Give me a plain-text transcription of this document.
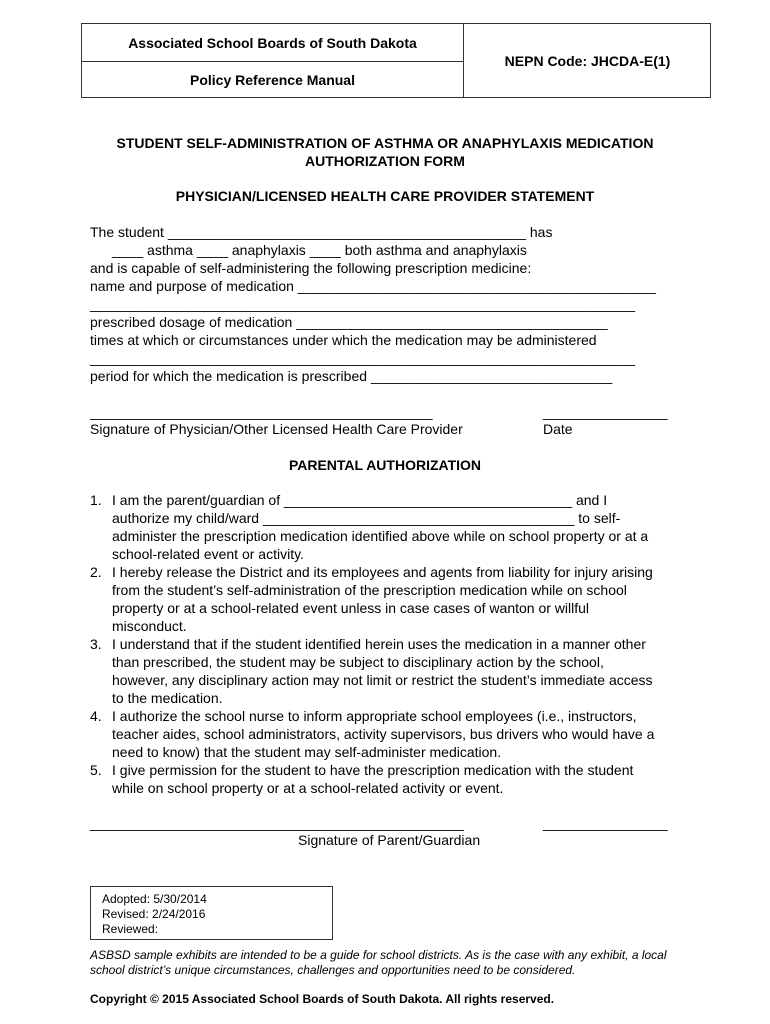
Associated School Boards of South Dakota
Policy Reference Manual
NEPN Code: JHCDA-E(1)
STUDENT SELF-ADMINISTRATION OF ASTHMA OR ANAPHYLAXIS MEDICATION
AUTHORIZATION FORM
PHYSICIAN/LICENSED HEALTH CARE PROVIDER STATEMENT
The student ______________________________________________ has
____ asthma ____ anaphylaxis ____ both asthma and anaphylaxis
and is capable of self-administering the following prescription medicine:
name and purpose of medication ______________________________________________
______________________________________________________________________
prescribed dosage of medication ________________________________________
times at which or circumstances under which the medication may be administered
______________________________________________________________________
period for which the medication is prescribed _______________________________
____________________________________________	________________
Signature of Physician/Other Licensed Health Care Provider	Date
PARENTAL AUTHORIZATION
1. I am the parent/guardian of _____________________________________ and I
authorize my child/ward ________________________________________ to self-
administer the prescription medication identified above while on school property or at a
school-related event or activity.
2. I hereby release the District and its employees and agents from liability for injury arising
from the student’s self-administration of the prescription medication while on school
property or at a school-related event unless in case cases of wanton or willful
misconduct.
3. I understand that if the student identified herein uses the medication in a manner other
than prescribed, the student may be subject to disciplinary action by the school,
however, any disciplinary action may not limit or restrict the student’s immediate access
to the medication.
4. I authorize the school nurse to inform appropriate school employees (i.e., instructors,
teacher aides, school administrators, activity supervisors, bus drivers who would have a
need to know) that the student may self-administer medication.
5. I give permission for the student to have the prescription medication with the student
while on school property or at a school-related activity or event.
________________________________________________	________________
Signature of Parent/Guardian
Adopted: 5/30/2014
Revised: 2/24/2016
Reviewed:
ASBSD sample exhibits are intended to be a guide for school districts. As is the case with any exhibit, a local
school district’s unique circumstances, challenges and opportunities need to be considered.
Copyright © 2015 Associated School Boards of South Dakota. All rights reserved.
